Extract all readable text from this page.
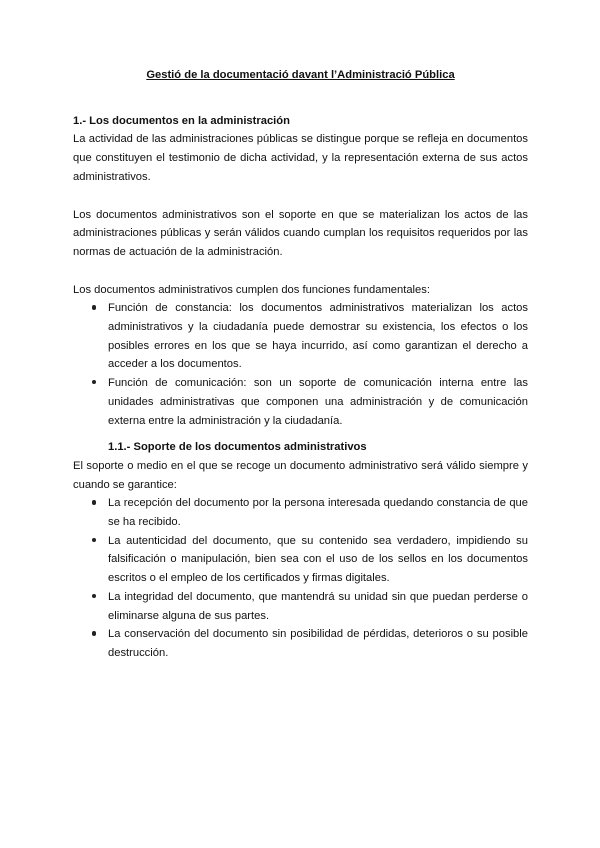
Gestió de la documentació davant l’Administració Pública
1.- Los documentos en la administración

La actividad de las administraciones públicas se distingue porque se refleja en documentos que constituyen el testimonio de dicha actividad, y la representación externa de sus actos administrativos.

Los documentos administrativos son el soporte en que se materializan los actos de las administraciones públicas y serán válidos cuando cumplan los requisitos requeridos por las normas de actuación de la administración.

Los documentos administrativos cumplen dos funciones fundamentales:

Función de constancia: los documentos administrativos materializan los actos administrativos y la ciudadanía puede demostrar su existencia, los efectos o los posibles errores en los que se haya incurrido, así como garantizan el derecho a acceder a los documentos.
Función de comunicación: son un soporte de comunicación interna entre las unidades administrativas que componen una administración y de comunicación externa entre la administración y la ciudadanía.
1.1.- Soporte de los documentos administrativos

El soporte o medio en el que se recoge un documento administrativo será válido siempre y cuando se garantice:

La recepción del documento por la persona interesada quedando constancia de que se ha recibido.
La autenticidad del documento, que su contenido sea verdadero, impidiendo su falsificación o manipulación, bien sea con el uso de los sellos en los documentos escritos o el empleo de los certificados y firmas digitales.
La integridad del documento, que mantendrá su unidad sin que puedan perderse o eliminarse alguna de sus partes.
La conservación del documento sin posibilidad de pérdidas, deterioros o su posible destrucción.
